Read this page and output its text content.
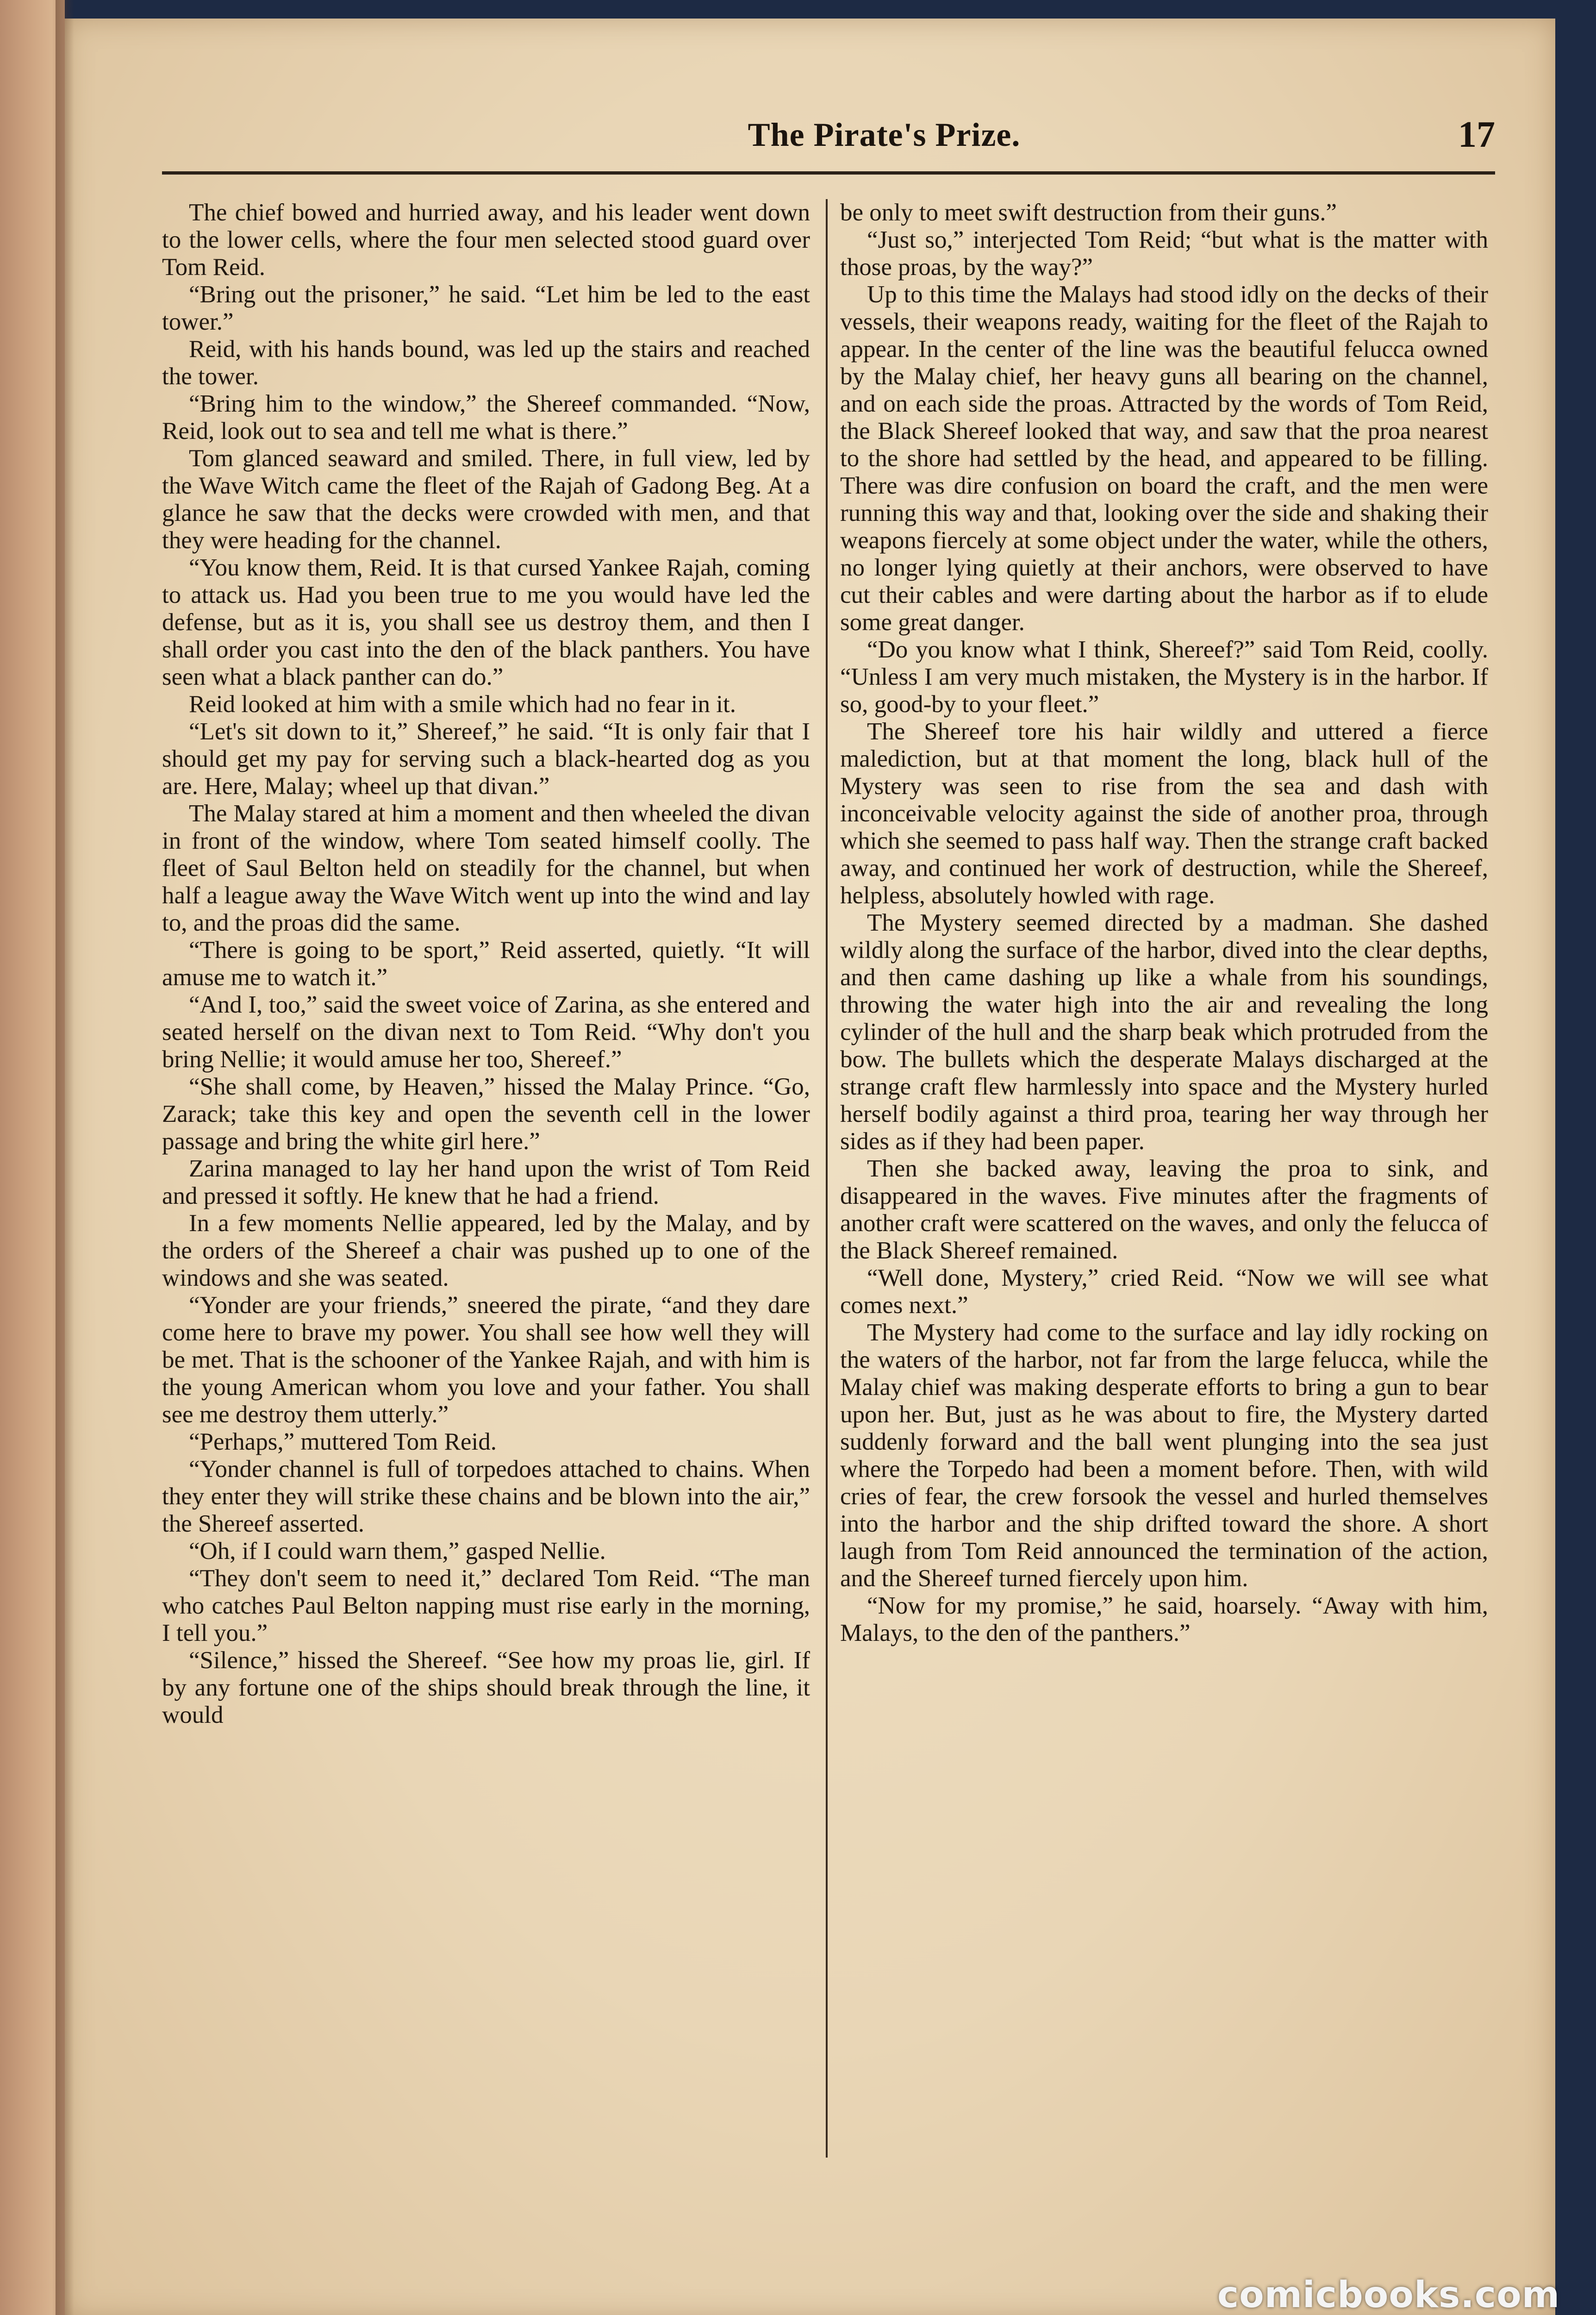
The Pirate's Prize.	17

The chief bowed and hurried away, and his leader went down to the lower cells, where the four men selected stood guard over Tom Reid.

“Bring out the prisoner,” he said. “Let him be led to the east tower.”

Reid, with his hands bound, was led up the stairs and reached the tower.

“Bring him to the window,” the Shereef commanded. “Now, Reid, look out to sea and tell me what is there.”

Tom glanced seaward and smiled. There, in full view, led by the Wave Witch came the fleet of the Rajah of Gadong Beg. At a glance he saw that the decks were crowded with men, and that they were heading for the channel.

“You know them, Reid. It is that cursed Yankee Rajah, coming to attack us. Had you been true to me you would have led the defense, but as it is, you shall see us destroy them, and then I shall order you cast into the den of the black panthers. You have seen what a black panther can do.”

Reid looked at him with a smile which had no fear in it.

“Let's sit down to it,” Shereef,” he said. “It is only fair that I should get my pay for serving such a black-hearted dog as you are. Here, Malay; wheel up that divan.”

The Malay stared at him a moment and then wheeled the divan in front of the window, where Tom seated himself coolly. The fleet of Saul Belton held on steadily for the channel, but when half a league away the Wave Witch went up into the wind and lay to, and the proas did the same.

“There is going to be sport,” Reid asserted, quietly. “It will amuse me to watch it.”

“And I, too,” said the sweet voice of Zarina, as she entered and seated herself on the divan next to Tom Reid. “Why don't you bring Nellie; it would amuse her too, Shereef.”

“She shall come, by Heaven,” hissed the Malay Prince. “Go, Zarack; take this key and open the seventh cell in the lower passage and bring the white girl here.”

Zarina managed to lay her hand upon the wrist of Tom Reid and pressed it softly. He knew that he had a friend.

In a few moments Nellie appeared, led by the Malay, and by the orders of the Shereef a chair was pushed up to one of the windows and she was seated.

“Yonder are your friends,” sneered the pirate, “and they dare come here to brave my power. You shall see how well they will be met. That is the schooner of the Yankee Rajah, and with him is the young American whom you love and your father. You shall see me destroy them utterly.”

“Perhaps,” muttered Tom Reid.

“Yonder channel is full of torpedoes attached to chains. When they enter they will strike these chains and be blown into the air,” the Shereef asserted.

“Oh, if I could warn them,” gasped Nellie.

“They don't seem to need it,” declared Tom Reid. “The man who catches Paul Belton napping must rise early in the morning, I tell you.”

“Silence,” hissed the Shereef. “See how my proas lie, girl. If by any fortune one of the ships should break through the line, it would

be only to meet swift destruction from their guns.”

“Just so,” interjected Tom Reid; “but what is the matter with those proas, by the way?”

Up to this time the Malays had stood idly on the decks of their vessels, their weapons ready, waiting for the fleet of the Rajah to appear. In the center of the line was the beautiful felucca owned by the Malay chief, her heavy guns all bearing on the channel, and on each side the proas. Attracted by the words of Tom Reid, the Black Shereef looked that way, and saw that the proa nearest to the shore had settled by the head, and appeared to be filling. There was dire confusion on board the craft, and the men were running this way and that, looking over the side and shaking their weapons fiercely at some object under the water, while the others, no longer lying quietly at their anchors, were observed to have cut their cables and were darting about the harbor as if to elude some great danger.

“Do you know what I think, Shereef?” said Tom Reid, coolly. “Unless I am very much mistaken, the Mystery is in the harbor. If so, good-by to your fleet.”

The Shereef tore his hair wildly and uttered a fierce malediction, but at that moment the long, black hull of the Mystery was seen to rise from the sea and dash with inconceivable velocity against the side of another proa, through which she seemed to pass half way. Then the strange craft backed away, and continued her work of destruction, while the Shereef, helpless, absolutely howled with rage.

The Mystery seemed directed by a madman. She dashed wildly along the surface of the harbor, dived into the clear depths, and then came dashing up like a whale from his soundings, throwing the water high into the air and revealing the long cylinder of the hull and the sharp beak which protruded from the bow. The bullets which the desperate Malays discharged at the strange craft flew harmlessly into space and the Mystery hurled herself bodily against a third proa, tearing her way through her sides as if they had been paper.

Then she backed away, leaving the proa to sink, and disappeared in the waves. Five minutes after the fragments of another craft were scattered on the waves, and only the felucca of the Black Shereef remained.

“Well done, Mystery,” cried Reid. “Now we will see what comes next.”

The Mystery had come to the surface and lay idly rocking on the waters of the harbor, not far from the large felucca, while the Malay chief was making desperate efforts to bring a gun to bear upon her. But, just as he was about to fire, the Mystery darted suddenly forward and the ball went plunging into the sea just where the Torpedo had been a moment before. Then, with wild cries of fear, the crew forsook the vessel and hurled themselves into the harbor and the ship drifted toward the shore. A short laugh from Tom Reid announced the termination of the action, and the Shereef turned fiercely upon him.

“Now for my promise,” he said, hoarsely. “Away with him, Malays, to the den of the panthers.”

comicbooks.com
